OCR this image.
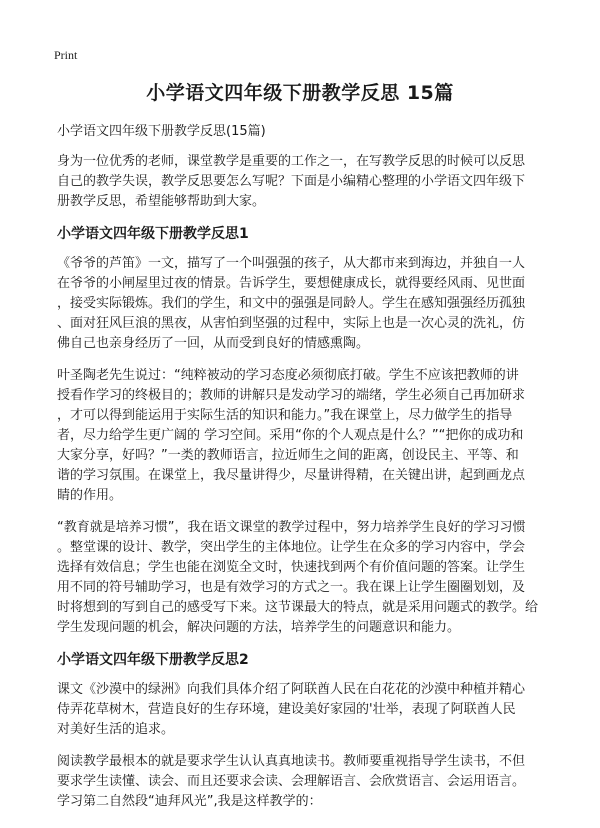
Print
小学语文四年级下册教学反思 15篇

小学语文四年级下册教学反思(15篇)

身为一位优秀的老师，课堂教学是重要的工作之一，在写教学反思的时候可以反思
自己的教学失误，教学反思要怎么写呢？下面是小编精心整理的小学语文四年级下
册教学反思，希望能够帮助到大家。

小学语文四年级下册教学反思1

《爷爷的芦笛》一文，描写了一个叫强强的孩子，从大都市来到海边，并独自一人
在爷爷的小闸屋里过夜的情景。告诉学生，要想健康成长，就得要经风雨、见世面
，接受实际锻炼。我们的学生，和文中的强强是同龄人。学生在感知强强经历孤独
、面对狂风巨浪的黑夜，从害怕到坚强的过程中，实际上也是一次心灵的洗礼，仿
佛自己也亲身经历了一回，从而受到良好的情感熏陶。

叶圣陶老先生说过：“纯粹被动的学习态度必须彻底打破。学生不应该把教师的讲
授看作学习的终极目的；教师的讲解只是发动学习的端绪，学生必须自己再加研求
，才可以得到能运用于实际生活的知识和能力。”我在课堂上，尽力做学生的指导
者，尽力给学生更广阔的 学习空间。采用“你的个人观点是什么？”“把你的成功和
大家分享，好吗？”一类的教师语言，拉近师生之间的距离，创设民主、平等、和
谐的学习氛围。在课堂上，我尽量讲得少，尽量讲得精，在关键出讲，起到画龙点
睛的作用。

“教育就是培养习惯”，我在语文课堂的教学过程中，努力培养学生良好的学习习惯
。整堂课的设计、教学，突出学生的主体地位。让学生在众多的学习内容中，学会
选择有效信息；学生也能在浏览全文时，快速找到两个有价值问题的答案。让学生
用不同的符号辅助学习，也是有效学习的方式之一。我在课上让学生圈圈划划，及
时将想到的写到自己的感受写下来。这节课最大的特点，就是采用问题式的教学。给
学生发现问题的机会，解决问题的方法，培养学生的问题意识和能力。

小学语文四年级下册教学反思2

课文《沙漠中的绿洲》向我们具体介绍了阿联酋人民在白花花的沙漠中种植并精心
侍弄花草树木，营造良好的生存环境，建设美好家园的'壮举，表现了阿联酋人民
对美好生活的追求。

阅读教学最根本的就是要求学生认认真真地读书。教师要重视指导学生读书，不但
要求学生读懂、读会、而且还要求会读、会理解语言、会欣赏语言、会运用语言。
学习第二自然段“迪拜风光”,我是这样教学的：
